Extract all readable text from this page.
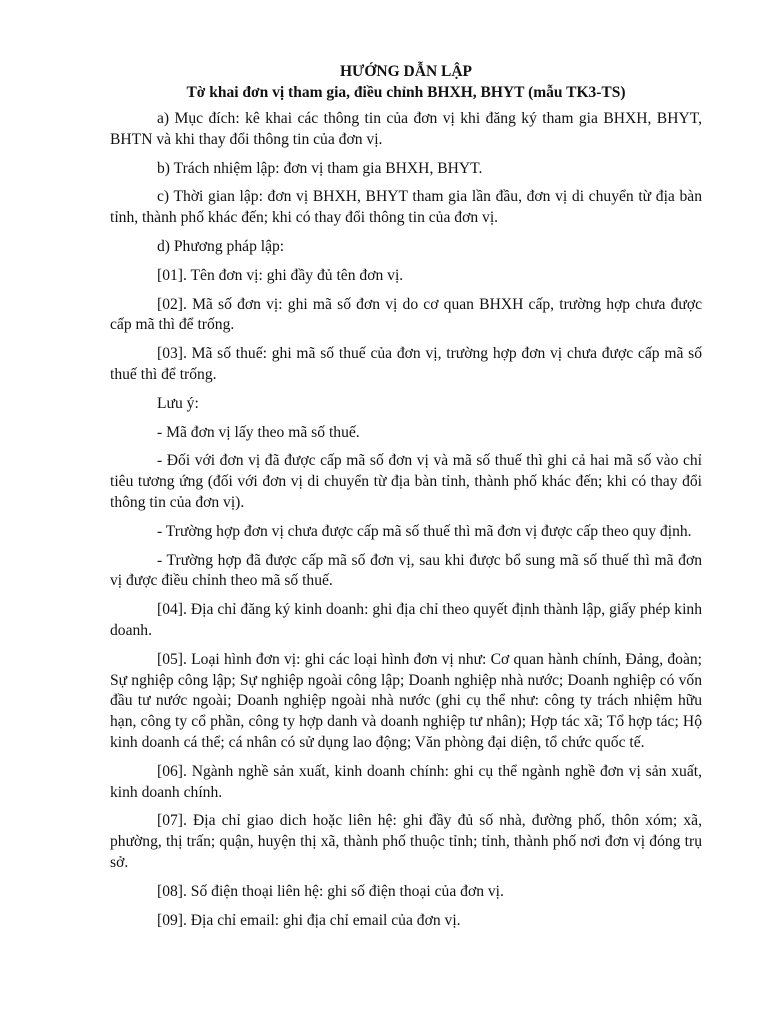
HƯỚNG DẪN LẬP
Tờ khai đơn vị tham gia, điều chỉnh BHXH, BHYT (mẫu TK3-TS)

a) Mục đích: kê khai các thông tin của đơn vị khi đăng ký tham gia BHXH, BHYT, BHTN và khi thay đổi thông tin của đơn vị.

b) Trách nhiệm lập: đơn vị tham gia BHXH, BHYT.

c) Thời gian lập: đơn vị BHXH, BHYT tham gia lần đầu, đơn vị di chuyển từ địa bàn tỉnh, thành phố khác đến; khi có thay đổi thông tin của đơn vị.

d) Phương pháp lập:

[01]. Tên đơn vị: ghi đầy đủ tên đơn vị.

[02]. Mã số đơn vị: ghi mã số đơn vị do cơ quan BHXH cấp, trường hợp chưa được cấp mã thì để trống.

[03]. Mã số thuế: ghi mã số thuế của đơn vị, trường hợp đơn vị chưa được cấp mã số thuế thì để trống.

Lưu ý:

- Mã đơn vị lấy theo mã số thuế.

- Đối với đơn vị đã được cấp mã số đơn vị và mã số thuế thì ghi cả hai mã số vào chỉ tiêu tương ứng (đối với đơn vị di chuyển từ địa bàn tỉnh, thành phố khác đến; khi có thay đổi thông tin của đơn vị).

- Trường hợp đơn vị chưa được cấp mã số thuế thì mã đơn vị được cấp theo quy định.

- Trường hợp đã được cấp mã số đơn vị, sau khi được bổ sung mã số thuế thì mã đơn vị được điều chỉnh theo mã số thuế.

[04]. Địa chỉ đăng ký kinh doanh: ghi địa chỉ theo quyết định thành lập, giấy phép kinh doanh.

[05]. Loại hình đơn vị: ghi các loại hình đơn vị như: Cơ quan hành chính, Đảng, đoàn; Sự nghiệp công lập; Sự nghiệp ngoài công lập; Doanh nghiệp nhà nước; Doanh nghiệp có vốn đầu tư nước ngoài; Doanh nghiệp ngoài nhà nước (ghi cụ thể như: công ty trách nhiệm hữu hạn, công ty cổ phần, công ty hợp danh và doanh nghiệp tư nhân); Hợp tác xã; Tổ hợp tác; Hộ kinh doanh cá thể; cá nhân có sử dụng lao động; Văn phòng đại diện, tổ chức quốc tế.

[06]. Ngành nghề sản xuất, kinh doanh chính: ghi cụ thể ngành nghề đơn vị sản xuất, kinh doanh chính.

[07]. Địa chỉ giao dich hoặc liên hệ: ghi đầy đủ số nhà, đường phố, thôn xóm; xã, phường, thị trấn; quận, huyện thị xã, thành phố thuộc tỉnh; tỉnh, thành phố nơi đơn vị đóng trụ sở.

[08]. Số điện thoại liên hệ: ghi số điện thoại của đơn vị.

[09]. Địa chỉ email: ghi địa chỉ email của đơn vị.
